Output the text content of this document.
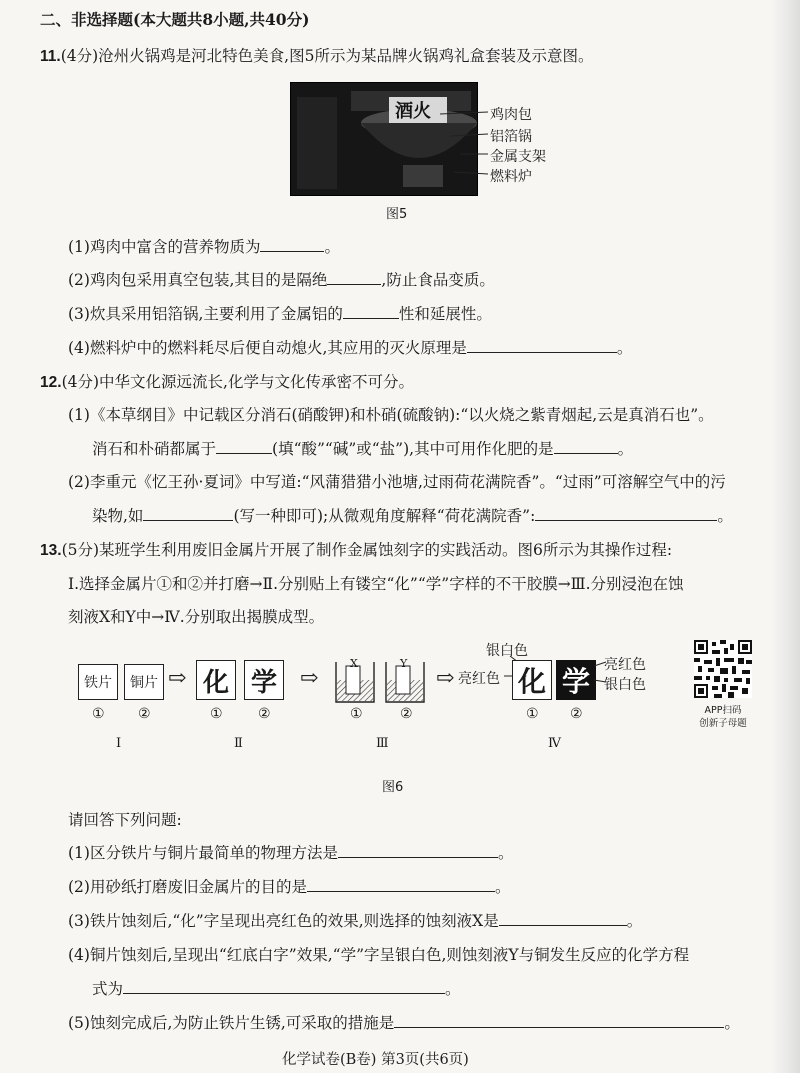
二、非选择题(本大题共8小题,共40分)
11.(4分)沧州火锅鸡是河北特色美食,图5所示为某品牌火锅鸡礼盒套装及示意图。
酒火	鸡肉包
铝箔锅
金属支架
燃料炉
图5
(1)鸡肉中富含的营养物质为	。
(2)鸡肉包采用真空包装,其目的是隔绝	,防止食品变质。
(3)炊具采用铝箔锅,主要利用了金属铝的	性和延展性。
(4)燃料炉中的燃料耗尽后便自动熄火,其应用的灭火原理是	。
12.(4分)中华文化源远流长,化学与文化传承密不可分。
(1)《本草纲目》中记载区分消石(硝酸钾)和朴硝(硫酸钠):“以火烧之紫青烟起,云是真消石也”。
消石和朴硝都属于	(填“酸”“碱”或“盐”),其中可用作化肥的是	。
(2)李重元《忆王孙·夏词》中写道:“风蒲猎猎小池塘,过雨荷花满院香”。“过雨”可溶解空气中的污
染物,如	(写一种即可);从微观角度解释“荷花满院香”:	。
13.(5分)某班学生利用废旧金属片开展了制作金属蚀刻字的实践活动。图6所示为其操作过程:
Ⅰ.选择金属片①和②并打磨→Ⅱ.分别贴上有镂空“化”“学”字样的不干胶膜→Ⅲ.分别浸泡在蚀
刻液X和Y中→Ⅳ.分别取出揭膜成型。
铁片	铜片
① ②
Ⅰ
⇨ 化 学
①	②
Ⅱ
⇨
X	Y
①	②
Ⅲ
⇨
银白色
亮红色 化 学	亮红色
银白色
① ②
Ⅳ
APP扫码
创新子母题
图6
请回答下列问题:
(1)区分铁片与铜片最简单的物理方法是	。
(2)用砂纸打磨废旧金属片的目的是	。
(3)铁片蚀刻后,“化”字呈现出亮红色的效果,则选择的蚀刻液X是	。
(4)铜片蚀刻后,呈现出“红底白字”效果,“学”字呈银白色,则蚀刻液Y与铜发生反应的化学方程
式为	。
(5)蚀刻完成后,为防止铁片生锈,可采取的措施是	。
化学试卷(B卷) 第3页(共6页)
